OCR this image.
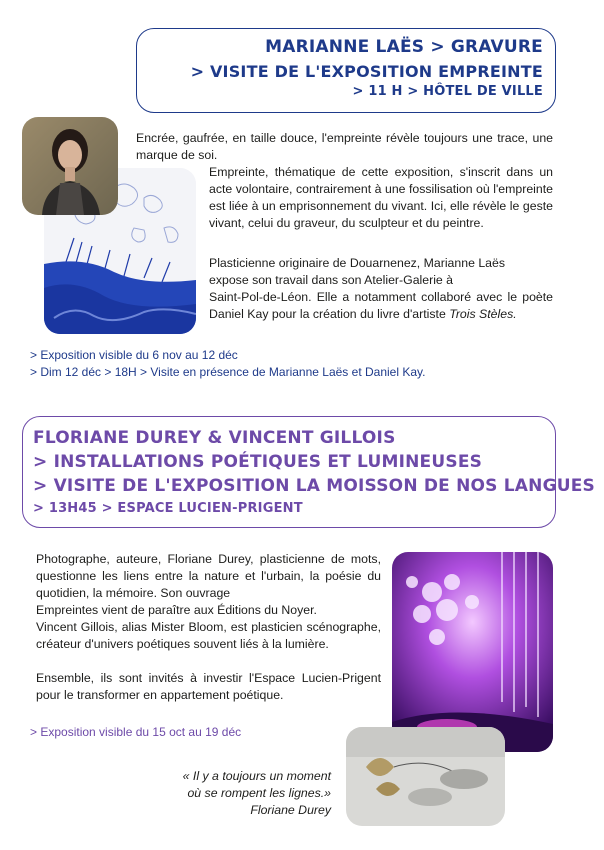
MARIANNE LAËS > GRAVURE
> VISITE DE L'EXPOSITION EMPREINTE
> 11 H > HÔTEL DE VILLE

Encrée, gaufrée, en taille douce, l'empreinte révèle toujours une trace, une marque de soi.

Empreinte, thématique de cette exposition, s'inscrit dans un acte volontaire, contrairement à une fossilisation où l'empreinte est liée à un emprisonnement du vivant. Ici, elle révèle le geste vivant, celui du graveur, du sculpteur et du peintre.

Plasticienne originaire de Douarnenez, Marianne Laës
expose son travail dans son Atelier-Galerie à

Saint-Pol-de-Léon. Elle a notamment collaboré avec le poète Daniel Kay pour la création du livre d'artiste Trois Stèles.

> Exposition visible du 6 nov au 12 déc
> Dim 12 déc > 18H > Visite en présence de Marianne Laës et Daniel Kay.
FLORIANE DUREY & VINCENT GILLOIS
> INSTALLATIONS POÉTIQUES ET LUMINEUSES
> VISITE DE L'EXPOSITION LA MOISSON DE NOS LANGUES
> 13H45 > ESPACE LUCIEN-PRIGENT

Photographe, auteure, Floriane Durey, plasticienne de mots, questionne les liens entre la nature et l'urbain, la poésie du quotidien, la mémoire. Son ouvrage

Empreintes vient de paraître aux Éditions du Noyer.

Vincent Gillois, alias Mister Bloom, est plasticien scénographe, créateur d'univers poétiques souvent liés à la lumière.

Ensemble, ils sont invités à investir l'Espace Lucien-Prigent pour le transformer en appartement poétique.

> Exposition visible du 15 oct au 19 déc
« Il y a toujours un moment
où se rompent les lignes.»
Floriane Durey
